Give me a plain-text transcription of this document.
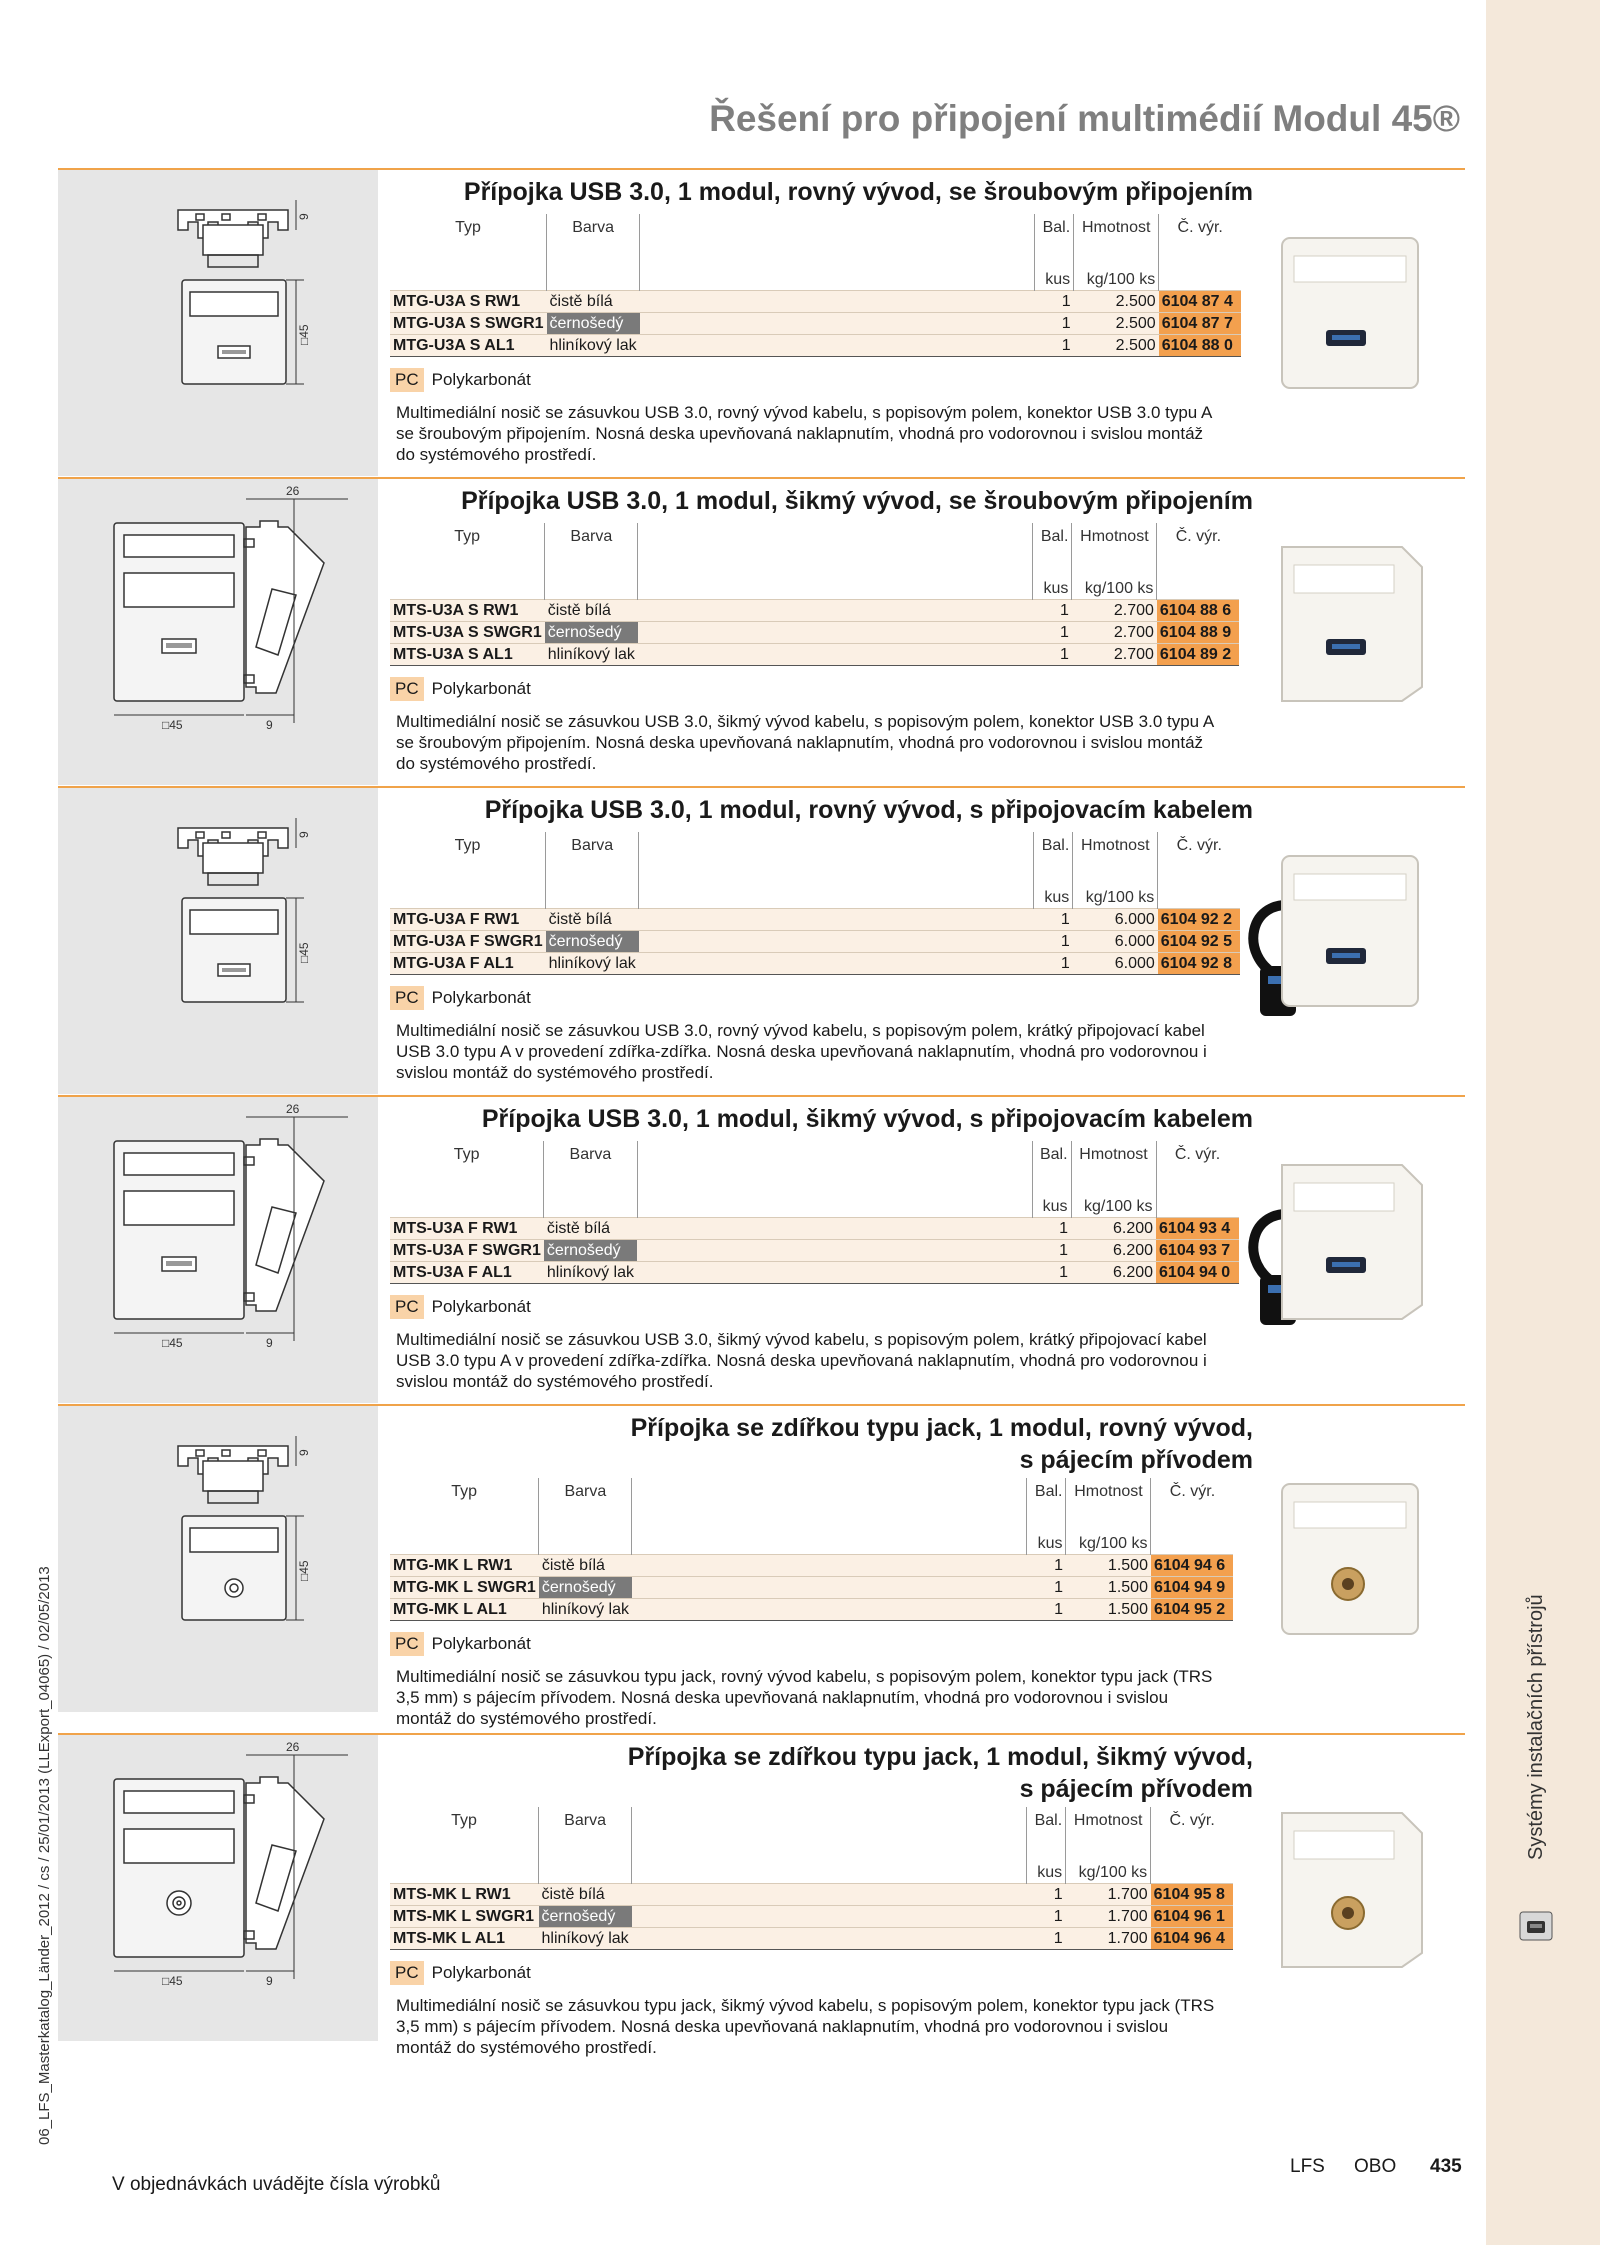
Systémy instalačních přístrojů
06_LFS_Masterkatalog_Länder_2012 / cs / 25/01/2013 (LLExport_04065) / 02/05/2013
Řešení pro připojení multimédií Modul 45®
9
□45
Přípojka USB 3.0, 1 modul, rovný vývod, se šroubovým připojením
Typ	Barva		Bal.	Hmotnost	Č. výr.
			kus	kg/100 ks	
MTG-U3A S RW1	čistě bílá		1	2.500	6104 87 4
MTG-U3A S SWGR1	černošedý		1	2.500	6104 87 7
MTG-U3A S AL1	hliníkový lak		1	2.500	6104 88 0
PC Polykarbonát
Multimediální nosič se zásuvkou USB 3.0, rovný vývod kabelu, s popisovým polem, konektor USB 3.0 typu A se šroubovým připojením. Nosná deska upevňovaná naklapnutím, vhodná pro vodorovnou i svislou montáž do systémového prostředí.
26
□45	9
Přípojka USB 3.0, 1 modul, šikmý vývod, se šroubovým připojením
Typ	Barva		Bal.	Hmotnost	Č. výr.
			kus	kg/100 ks	
MTS-U3A S RW1	čistě bílá		1	2.700	6104 88 6
MTS-U3A S SWGR1	černošedý		1	2.700	6104 88 9
MTS-U3A S AL1	hliníkový lak		1	2.700	6104 89 2
PC Polykarbonát
Multimediální nosič se zásuvkou USB 3.0, šikmý vývod kabelu, s popisovým polem, konektor USB 3.0 typu A se šroubovým připojením. Nosná deska upevňovaná naklapnutím, vhodná pro vodorovnou i svislou montáž do systémového prostředí.
9
□45
Přípojka USB 3.0, 1 modul, rovný vývod, s připojovacím kabelem
Typ	Barva		Bal.	Hmotnost	Č. výr.
			kus	kg/100 ks	
MTG-U3A F RW1	čistě bílá		1	6.000	6104 92 2
MTG-U3A F SWGR1	černošedý		1	6.000	6104 92 5
MTG-U3A F AL1	hliníkový lak		1	6.000	6104 92 8
PC Polykarbonát
Multimediální nosič se zásuvkou USB 3.0, rovný vývod kabelu, s popisovým polem, krátký připojovací kabel USB 3.0 typu A v provedení zdířka-zdířka. Nosná deska upevňovaná naklapnutím, vhodná pro vodorovnou i svislou montáž do systémového prostředí.
26
□45	9
Přípojka USB 3.0, 1 modul, šikmý vývod, s připojovacím kabelem
Typ	Barva		Bal.	Hmotnost	Č. výr.
			kus	kg/100 ks	
MTS-U3A F RW1	čistě bílá		1	6.200	6104 93 4
MTS-U3A F SWGR1	černošedý		1	6.200	6104 93 7
MTS-U3A F AL1	hliníkový lak		1	6.200	6104 94 0
PC Polykarbonát
Multimediální nosič se zásuvkou USB 3.0, šikmý vývod kabelu, s popisovým polem, krátký připojovací kabel USB 3.0 typu A v provedení zdířka-zdířka. Nosná deska upevňovaná naklapnutím, vhodná pro vodorovnou i svislou montáž do systémového prostředí.
9
□45
Přípojka se zdířkou typu jack, 1 modul, rovný vývod,
s pájecím přívodem
Typ	Barva		Bal.	Hmotnost	Č. výr.
			kus	kg/100 ks	
MTG-MK L RW1	čistě bílá		1	1.500	6104 94 6
MTG-MK L SWGR1	černošedý		1	1.500	6104 94 9
MTG-MK L AL1	hliníkový lak		1	1.500	6104 95 2
PC Polykarbonát
Multimediální nosič se zásuvkou typu jack, rovný vývod kabelu, s popisovým polem, konektor typu jack (TRS 3,5 mm) s pájecím přívodem. Nosná deska upevňovaná naklapnutím, vhodná pro vodorovnou i svislou montáž do systémového prostředí.
26
□45	9
Přípojka se zdířkou typu jack, 1 modul, šikmý vývod,
s pájecím přívodem
Typ	Barva		Bal.	Hmotnost	Č. výr.
			kus	kg/100 ks	
MTS-MK L RW1	čistě bílá		1	1.700	6104 95 8
MTS-MK L SWGR1	černošedý		1	1.700	6104 96 1
MTS-MK L AL1	hliníkový lak		1	1.700	6104 96 4
PC Polykarbonát
Multimediální nosič se zásuvkou typu jack, šikmý vývod kabelu, s popisovým polem, konektor typu jack (TRS 3,5 mm) s pájecím přívodem. Nosná deska upevňovaná naklapnutím, vhodná pro vodorovnou i svislou montáž do systémového prostředí.
V objednávkách uvádějte čísla výrobků
LFS OBO 435
